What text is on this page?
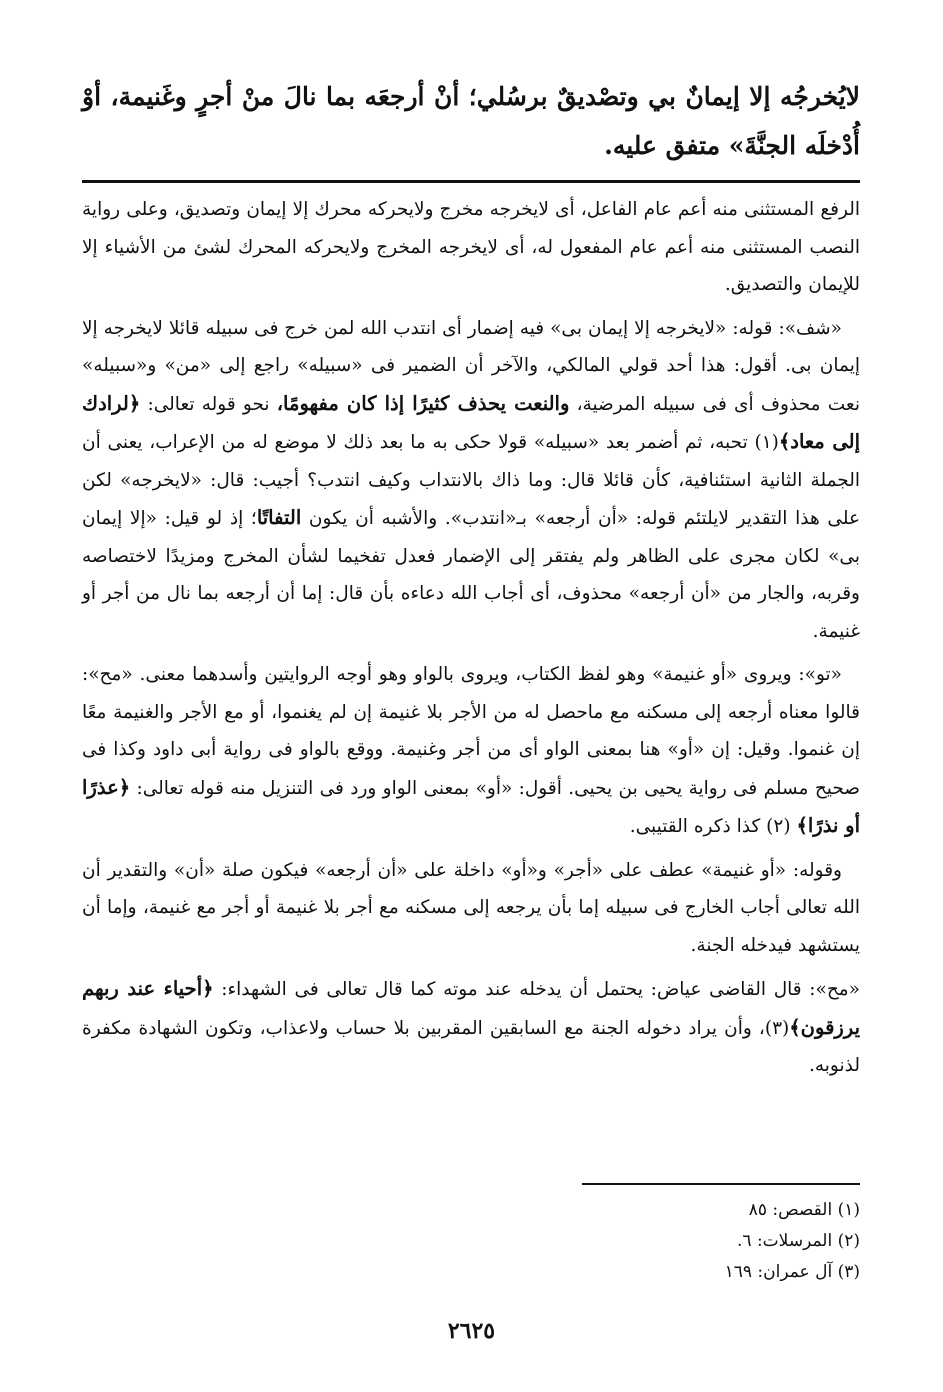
لايُخرجُه إلا إيمانٌ بي وتصْديقٌ برسُلي؛ أنْ أرجعَه بما نالَ منْ أجرٍ وغَنيمة، أوْ أُدْخلَه الجنَّةَ» متفق عليه.

الرفع المستثنى منه أعم عام الفاعل، أى لايخرجه مخرج ولايحركه محرك إلا إيمان وتصديق، وعلى رواية النصب المستثنى منه أعم عام المفعول له، أى لايخرجه المخرج ولايحركه المحرك لشئ من الأشياء إلا للإيمان والتصديق.

«شف»: قوله: «لايخرجه إلا إيمان بى» فيه إضمار أى انتدب الله لمن خرج فى سبيله قائلا لايخرجه إلا إيمان بى. أقول: هذا أحد قولي المالكي، والآخر أن الضمير فى «سبيله» راجع إلى «من» و«سبيله» نعت محذوف أى فى سبيله المرضية، والنعت يحذف كثيرًا إذا كان مفهومًا، نحو قوله تعالى: ﴿لرادك إلى معاد﴾(١) تحبه، ثم أضمر بعد «سبيله» قولا حكى به ما بعد ذلك لا موضع له من الإعراب، يعنى أن الجملة الثانية استئنافية، كأن قائلا قال: وما ذاك بالانتداب وكيف انتدب؟ أجيب: قال: «لايخرجه» لكن على هذا التقدير لايلتئم قوله: «أن أرجعه» بـ«انتدب». والأشبه أن يكون التفاتًا؛ إذ لو قيل: «إلا إيمان بى» لكان مجرى على الظاهر ولم يفتقر إلى الإضمار فعدل تفخيما لشأن المخرج ومزيدًا لاختصاصه وقربه، والجار من «أن أرجعه» محذوف، أى أجاب الله دعاءه بأن قال: إما أن أرجعه بما نال من أجر أو غنيمة.

«تو»: ويروى «أو غنيمة» وهو لفظ الكتاب، ويروى بالواو وهو أوجه الروايتين وأسدهما معنى. «مح»: قالوا معناه أرجعه إلى مسكنه مع ماحصل له من الأجر بلا غنيمة إن لم يغنموا، أو مع الأجر والغنيمة معًا إن غنموا. وقيل: إن «أو» هنا بمعنى الواو أى من أجر وغنيمة. ووقع بالواو فى رواية أبى داود وكذا فى صحيح مسلم فى رواية يحيى بن يحيى. أقول: «أو» بمعنى الواو ورد فى التنزيل منه قوله تعالى: ﴿عذرًا أو نذرًا﴾ (٢) كذا ذكره القتيبى.

وقوله: «أو غنيمة» عطف على «أجر» و«أو» داخلة على «أن أرجعه» فيكون صلة «أن» والتقدير أن الله تعالى أجاب الخارج فى سبيله إما بأن يرجعه إلى مسكنه مع أجر بلا غنيمة أو أجر مع غنيمة، وإما أن يستشهد فيدخله الجنة.

«مح»: قال القاضى عياض: يحتمل أن يدخله عند موته كما قال تعالى فى الشهداء: ﴿أحياء عند ربهم يرزقون﴾(٣)، وأن يراد دخوله الجنة مع السابقين المقربين بلا حساب ولاعذاب، وتكون الشهادة مكفرة لذنوبه.

(١) القصص: ٨٥
(٢) المرسلات: ٦.
(٣) آل عمران: ١٦٩
٢٦٢٥
